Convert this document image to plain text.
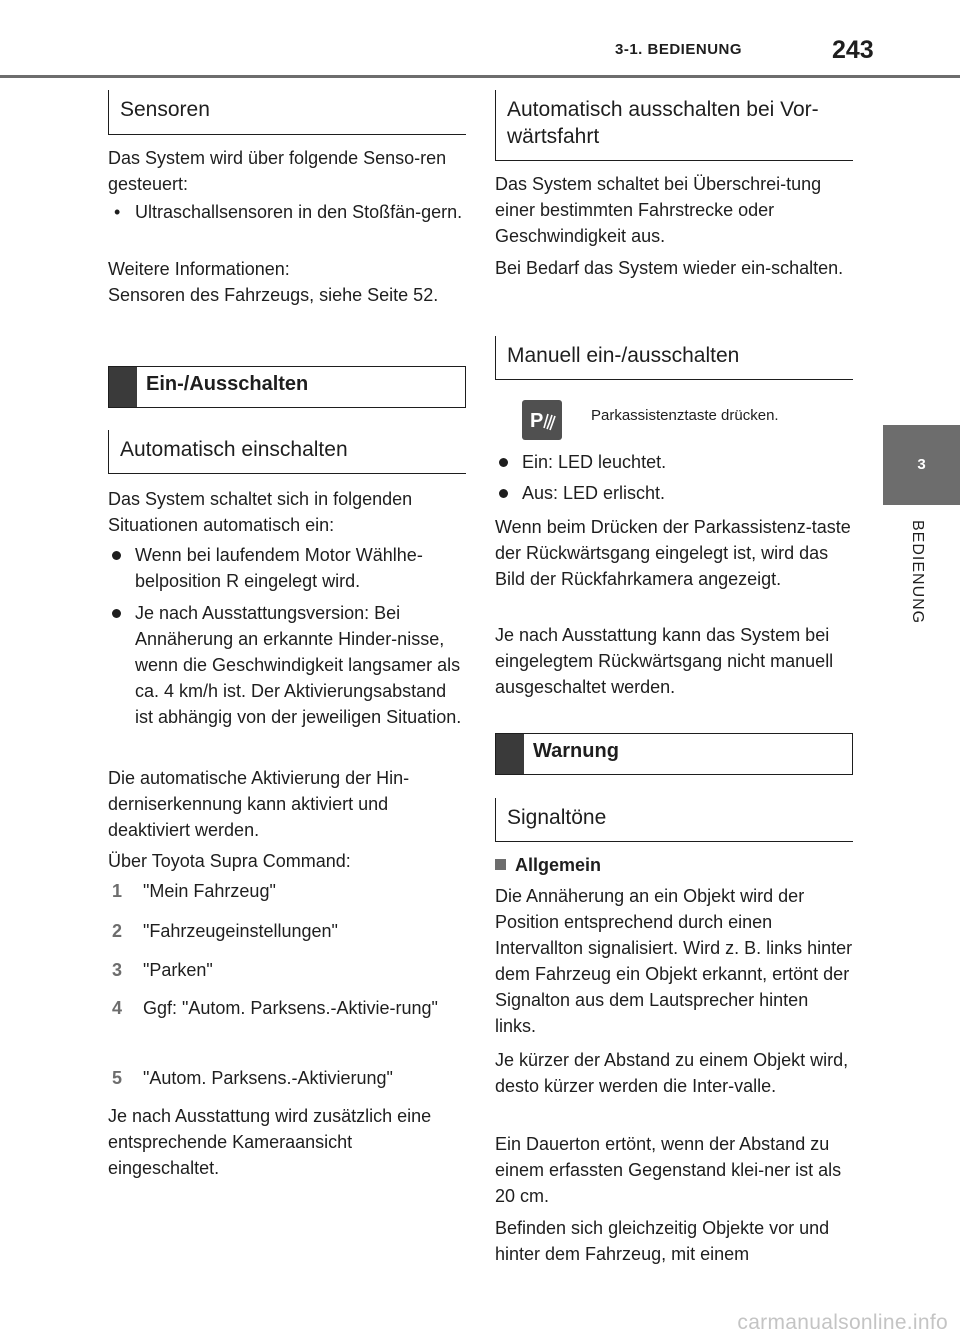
3-1. BEDIENUNG	243
3
BEDIENUNG
Sensoren

Das System wird über folgende Senso-ren gesteuert:

• Ultraschallsensoren in den Stoßfän-gern.

Weitere Informationen:

Sensoren des Fahrzeugs, siehe Seite 52.

Ein-/Ausschalten
Automatisch einschalten

Das System schaltet sich in folgenden Situationen automatisch ein:

Wenn bei laufendem Motor Wählhe-belposition R eingelegt wird.
Je nach Ausstattungsversion: Bei Annäherung an erkannte Hinder-nisse, wenn die Geschwindigkeit langsamer als ca. 4 km/h ist. Der Aktivierungsabstand ist abhängig von der jeweiligen Situation.

Die automatische Aktivierung der Hin-derniserkennung kann aktiviert und deaktiviert werden.

Über Toyota Supra Command:

1 "Mein Fahrzeug"
2 "Fahrzeugeinstellungen"
3 "Parken"
4 Ggf: "Autom. Parksens.-Aktivie-rung"
5 "Autom. Parksens.-Aktivierung"

Je nach Ausstattung wird zusätzlich eine entsprechende Kameraansicht eingeschaltet.

Automatisch ausschalten bei Vor-wärtsfahrt

Das System schaltet bei Überschrei-tung einer bestimmten Fahrstrecke oder Geschwindigkeit aus.

Bei Bedarf das System wieder ein-schalten.

Manuell ein-/ausschalten
P	Parkassistenztaste drücken.
Ein: LED leuchtet.
Aus: LED erlischt.

Wenn beim Drücken der Parkassistenz-taste der Rückwärtsgang eingelegt ist, wird das Bild der Rückfahrkamera angezeigt.

Je nach Ausstattung kann das System bei eingelegtem Rückwärtsgang nicht manuell ausgeschaltet werden.

Warnung
Signaltöne
Allgemein

Die Annäherung an ein Objekt wird der Position entsprechend durch einen Intervallton signalisiert. Wird z. B. links hinter dem Fahrzeug ein Objekt erkannt, ertönt der Signalton aus dem Lautsprecher hinten links.

Je kürzer der Abstand zu einem Objekt wird, desto kürzer werden die Inter-valle.

Ein Dauerton ertönt, wenn der Abstand zu einem erfassten Gegenstand klei-ner ist als 20 cm.

Befinden sich gleichzeitig Objekte vor und hinter dem Fahrzeug, mit einem

carmanualsonline.info
